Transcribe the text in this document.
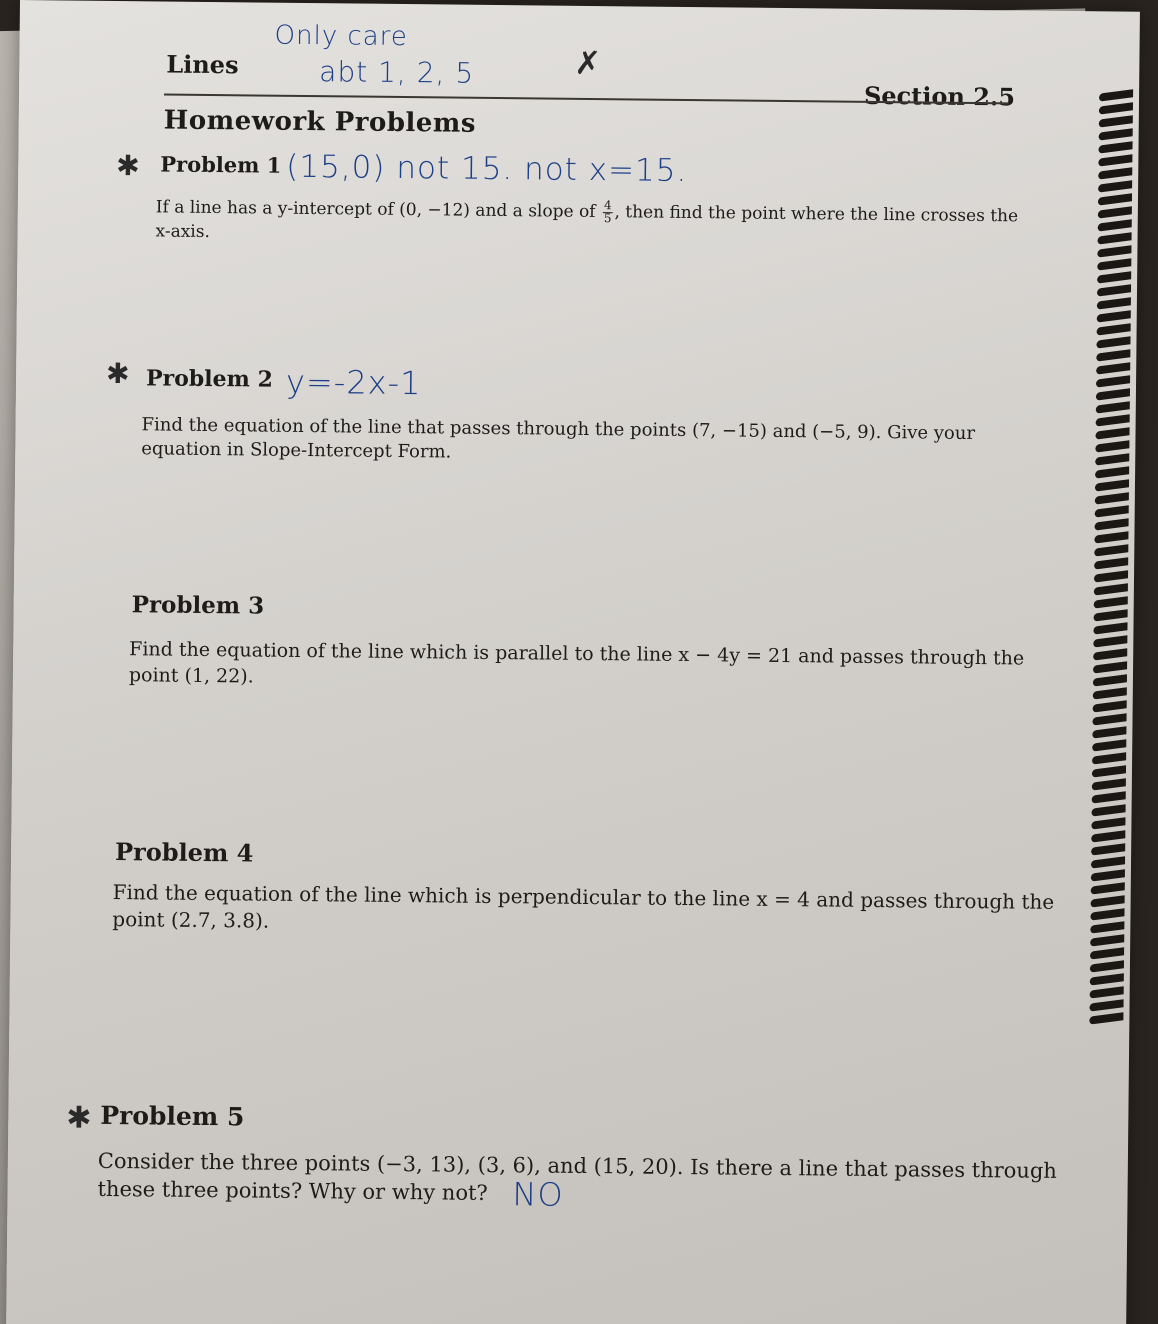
Lines
Section 2.5
Homework Problems
Only care
abt 1, 2, 5	✗
✱ Problem 1 (15,0) not 15. not x=15.
If a line has a y-intercept of (0, −12) and a slope of $\frac{4}{5}$ , then find the point where the line crosses the x-axis.
✱ Problem 2 y=-2x-1
Find the equation of the line that passes through the points (7, −15) and (−5, 9). Give your equation in Slope-Intercept Form.
Problem 3
Find the equation of the line which is parallel to the line x − 4y = 21 and passes through the point (1, 22).
Problem 4
Find the equation of the line which is perpendicular to the line x = 4 and passes through the point (2.7, 3.8).
✱ Problem 5
Consider the three points (−3, 13), (3, 6), and (15, 20). Is there a line that passes through these three points? Why or why not? NO
